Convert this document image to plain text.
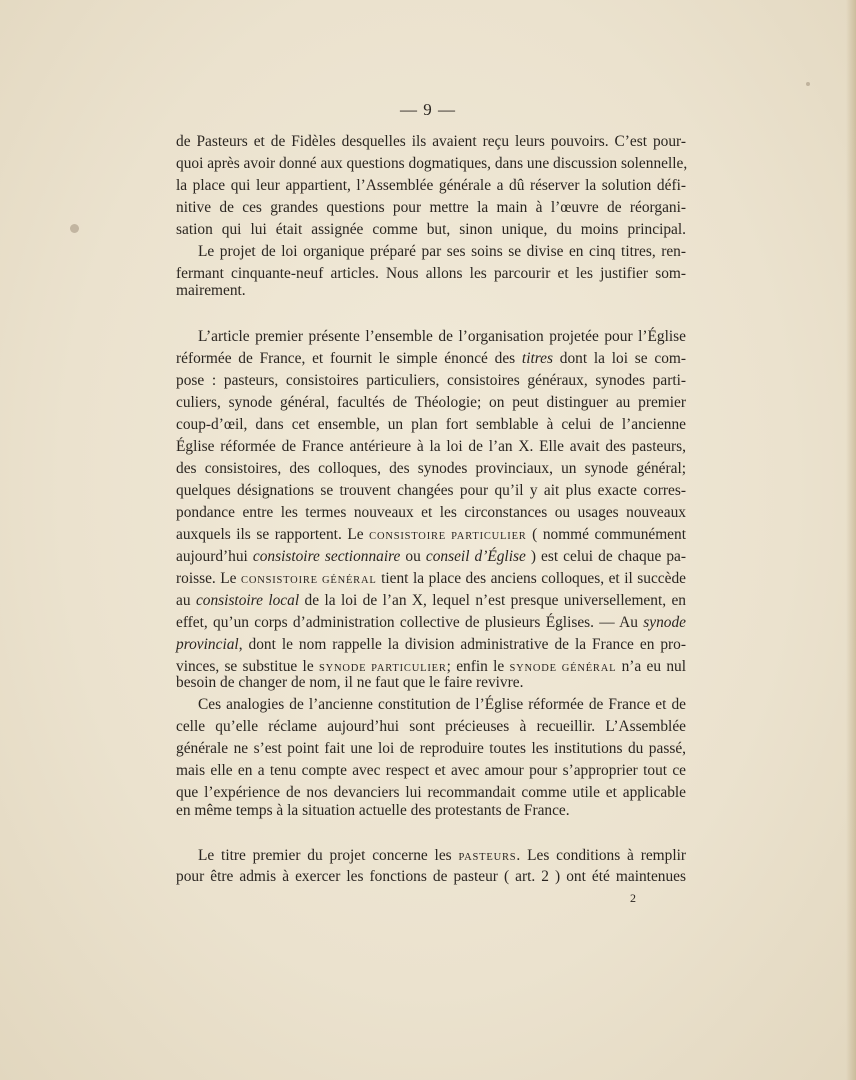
— 9 —
de Pasteurs et de Fidèles desquelles ils avaient reçu leurs pouvoirs. C’est pour-
quoi après avoir donné aux questions dogmatiques, dans une discussion solennelle,
la place qui leur appartient, l’Assemblée générale a dû réserver la solution défi-
nitive de ces grandes questions pour mettre la main à l’œuvre de réorgani-
sation qui lui était assignée comme but, sinon unique, du moins principal.
Le projet de loi organique préparé par ses soins se divise en cinq titres, ren-
fermant cinquante-neuf articles. Nous allons les parcourir et les justifier som-
mairement.
L’article premier présente l’ensemble de l’organisation projetée pour l’Église
réformée de France, et fournit le simple énoncé des titres dont la loi se com-
pose : pasteurs, consistoires particuliers, consistoires généraux, synodes parti-
culiers, synode général, facultés de Théologie; on peut distinguer au premier
coup-d’œil, dans cet ensemble, un plan fort semblable à celui de l’ancienne
Église réformée de France antérieure à la loi de l’an X. Elle avait des pasteurs,
des consistoires, des colloques, des synodes provinciaux, un synode général;
quelques désignations se trouvent changées pour qu’il y ait plus exacte corres-
pondance entre les termes nouveaux et les circonstances ou usages nouveaux
auxquels ils se rapportent. Le CONSISTOIRE PARTICULIER ( nommé communément
aujourd’hui consistoire sectionnaire ou conseil d’Église ) est celui de chaque pa-
roisse. Le CONSISTOIRE GÉNÉRAL tient la place des anciens colloques, et il succède
au consistoire local de la loi de l’an X, lequel n’est presque universellement, en
effet, qu’un corps d’administration collective de plusieurs Églises. — Au synode
provincial, dont le nom rappelle la division administrative de la France en pro-
vinces, se substitue le SYNODE PARTICULIER; enfin le SYNODE GÉNÉRAL n’a eu nul
besoin de changer de nom, il ne faut que le faire revivre.
Ces analogies de l’ancienne constitution de l’Église réformée de France et de
celle qu’elle réclame aujourd’hui sont précieuses à recueillir. L’Assemblée
générale ne s’est point fait une loi de reproduire toutes les institutions du passé,
mais elle en a tenu compte avec respect et avec amour pour s’approprier tout ce
que l’expérience de nos devanciers lui recommandait comme utile et applicable
en même temps à la situation actuelle des protestants de France.
Le titre premier du projet concerne les PASTEURS. Les conditions à remplir
pour être admis à exercer les fonctions de pasteur ( art. 2 ) ont été maintenues
2
